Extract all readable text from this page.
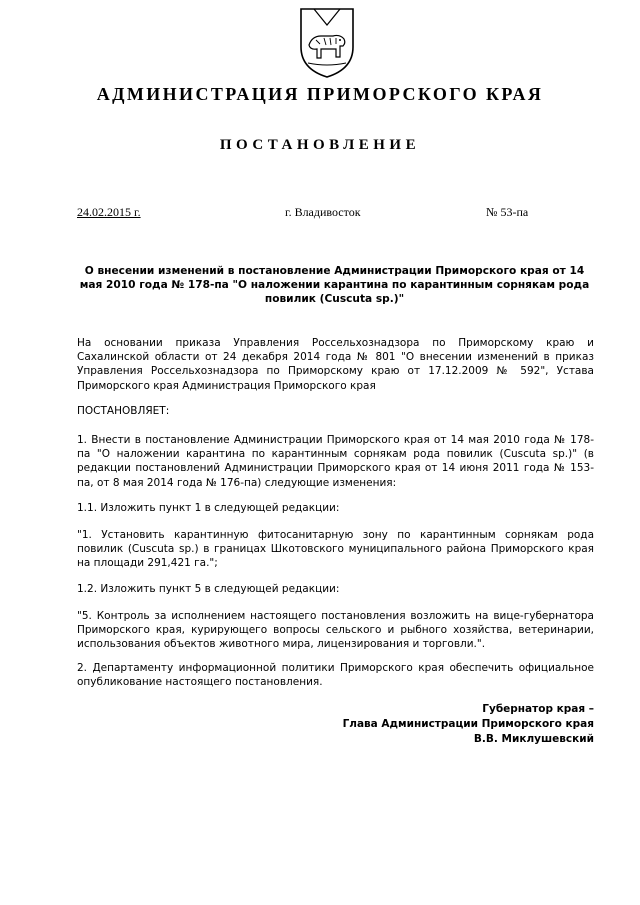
АДМИНИСТРАЦИЯ ПРИМОРСКОГО КРАЯ
ПОСТАНОВЛЕНИЕ
24.02.2015 г.	г. Владивосток	№ 53-па

О внесении изменений в постановление Администрации Приморского края от 14 мая 2010 года № 178-па "О наложении карантина по карантинным сорнякам рода повилик (Cuscuta sp.)"

На основании приказа Управления Россельхознадзора по Приморскому краю и Сахалинской области от 24 декабря 2014 года № 801 "О внесении изменений в приказ Управления Россельхознадзора по Приморскому краю от 17.12.2009 № 592", Устава Приморского края Администрация Приморского края

ПОСТАНОВЛЯЕТ:

1. Внести в постановление Администрации Приморского края от 14 мая 2010 года № 178-па "О наложении карантина по карантинным сорнякам рода повилик (Cuscuta sp.)" (в редакции постановлений Администрации Приморского края от 14 июня 2011 года № 153-па, от 8 мая 2014 года № 176-па) следующие изменения:

1.1. Изложить пункт 1 в следующей редакции:

"1. Установить карантинную фитосанитарную зону по карантинным сорнякам рода повилик (Cuscuta sp.) в границах Шкотовского муниципального района Приморского края на площади 291,421 га.";

1.2. Изложить пункт 5 в следующей редакции:

"5. Контроль за исполнением настоящего постановления возложить на вице-губернатора Приморского края, курирующего вопросы сельского и рыбного хозяйства, ветеринарии, использования объектов животного мира, лицензирования и торговли.".

2. Департаменту информационной политики Приморского края обеспечить официальное опубликование настоящего постановления.

Губернатор края –
Глава Администрации Приморского края
В.В. Миклушевский
